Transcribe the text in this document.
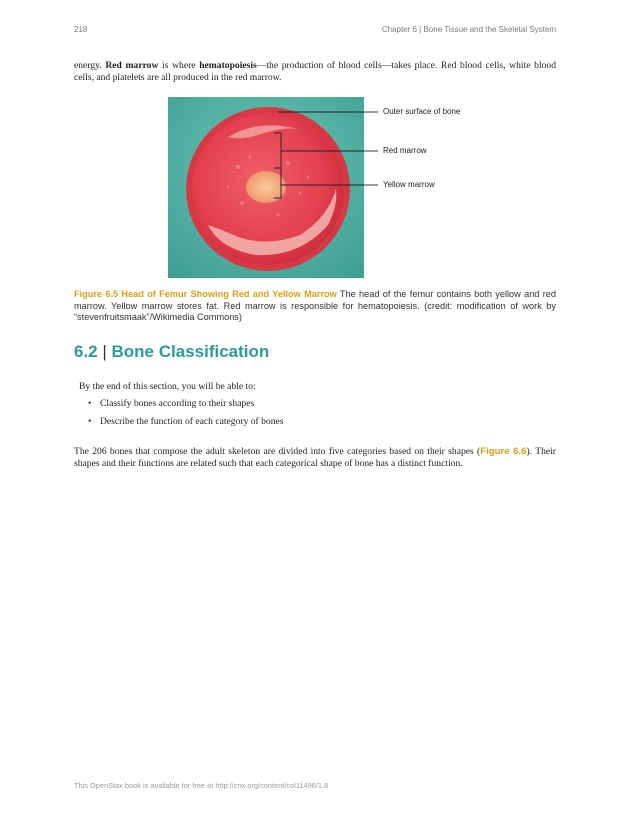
218	Chapter 6 | Bone Tissue and the Skeletal System

energy. Red marrow is where hematopoiesis—the production of blood cells—takes place. Red blood cells, white blood cells, and platelets are all produced in the red marrow.

Outer surface of bone
Red marrow
Yellow marrow

Figure 6.5 Head of Femur Showing Red and Yellow Marrow The head of the femur contains both yellow and red marrow. Yellow marrow stores fat. Red marrow is responsible for hematopoiesis. (credit: modification of work by “stevenfruitsmaak”/Wikimedia Commons)

6.2 | Bone Classification

By the end of this section, you will be able to:

• Classify bones according to their shapes
• Describe the function of each category of bones

The 206 bones that compose the adult skeleton are divided into five categories based on their shapes (Figure 6.6). Their shapes and their functions are related such that each categorical shape of bone has a distinct function.

This OpenStax book is available for free at http://cnx.org/content/col11496/1.8
